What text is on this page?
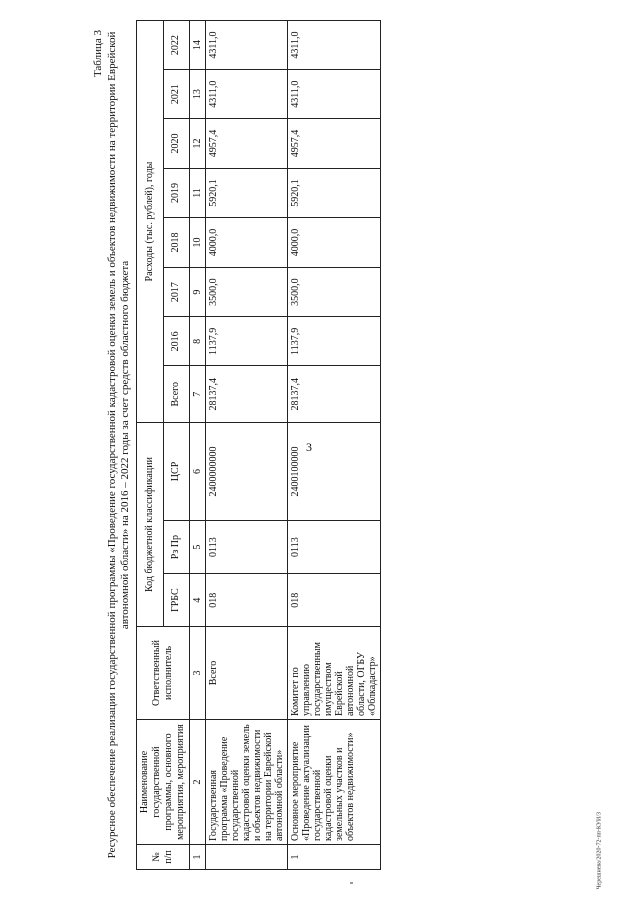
3
Таблица 3 Ресурсное обеспечение реализации государственной программы «Проведение государственной кадастровой оценки земель и объектов недвижимости на территории Еврейской автономной области» на 2016 – 2022 годы за счет средств областного бюджета
№ п/п	Наименование государственной программы, основного мероприятия, мероприятия	Ответственный исполнитель	Код бюджетной классификации			Расходы (тыс. рублей), годы							
			ГРБС	Рз Пр	ЦСР	Всего	2016	2017	2018	2019	2020	2021	2022
1	2	3	4	5	6	7	8	9	10	11	12	13	14
	Государственная программа «Проведение государственной кадастровой оценки земель и объектов недвижимости на территории Еврейской автономной области»	Всего	018	0113	2400000000	28137,4	1137,9	3500,0	4000,0	5920,1	4957,4	4311,0	4311,0
1	Основное мероприятие «Проведение актуализации государственной кадастровой оценки земельных участков и объектов недвижимости»	Комитет по управлению государственным имуществом Еврейской автономной области, ОГБУ «Облкадастр»	018	0113	2400100000	28137,4	1137,9	3500,0	4000,0	5920,1	4957,4	4311,0	4311,0
Черешнева/2020-72-пп-КУИ/3
